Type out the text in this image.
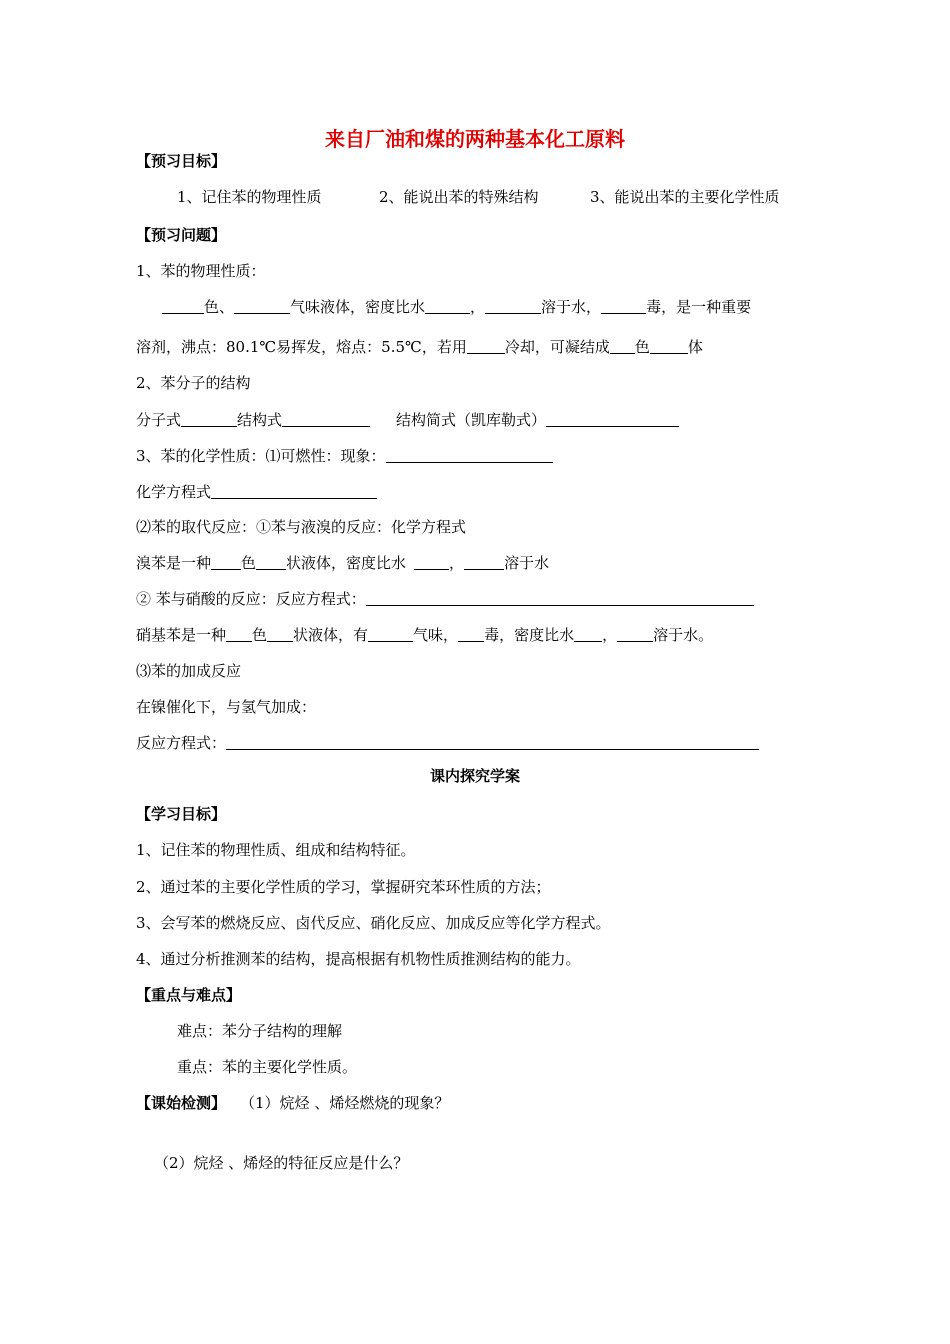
来自厂油和煤的两种基本化工原料
【预习目标】
1、记住苯的物理性质	2、能说出苯的特殊结构	3、能说出苯的主要化学性质
【预习问题】
1、苯的物理性质：
色、	气味液体，密度比水	，	溶于水，	毒，是一种重要
溶剂，沸点：80.1℃易挥发，熔点：5.5℃，若用	冷却，可凝结成 色	体
2、苯分子的结构
分子式	结构式	结构简式（凯库勒式）
3、苯的化学性质：⑴可燃性：现象：
化学方程式
⑵苯的取代反应：①苯与液溴的反应：化学方程式
溴苯是一种 色 状液体，密度比水	，	溶于水
② 苯与硝酸的反应：反应方程式：
硝基苯是一种 色 状液体，有	气味， 毒，密度比水 ， 溶于水。
⑶苯的加成反应
在镍催化下，与氢气加成：
反应方程式：
课内探究学案
【学习目标】
1、记住苯的物理性质、组成和结构特征。
2、通过苯的主要化学性质的学习，掌握研究苯环性质的方法；
3、会写苯的燃烧反应、卤代反应、硝化反应、加成反应等化学方程式。
4、通过分析推测苯的结构，提高根据有机物性质推测结构的能力。
【重点与难点】
难点：苯分子结构的理解
重点：苯的主要化学性质。
【课始检测】 （1）烷烃 、烯烃燃烧的现象？
（2）烷烃 、烯烃的特征反应是什么？
